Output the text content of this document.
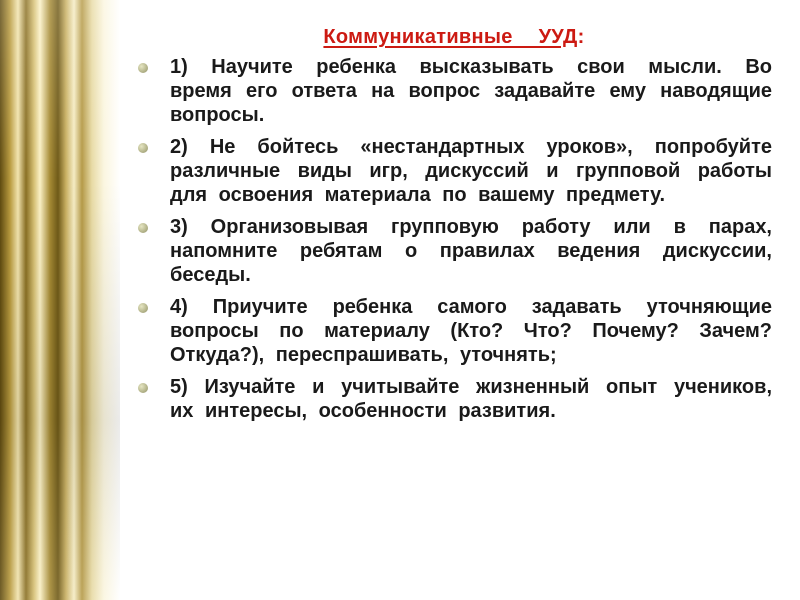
Коммуникативные УУД:
1) Научите ребенка высказывать свои мысли. Во время его ответа на вопрос задавайте ему наводящие вопросы.
2) Не бойтесь «нестандартных уроков», попробуйте различные виды игр, дискуссий и групповой работы для освоения материала по вашему предмету.
3) Организовывая групповую работу или в парах, напомните ребятам о правилах ведения дискуссии, беседы.
4) Приучите ребенка самого задавать уточняющие вопросы по материалу (Кто? Что? Почему? Зачем? Откуда?), переспрашивать, уточнять;
5) Изучайте и учитывайте жизненный опыт учеников, их интересы, особенности развития.
